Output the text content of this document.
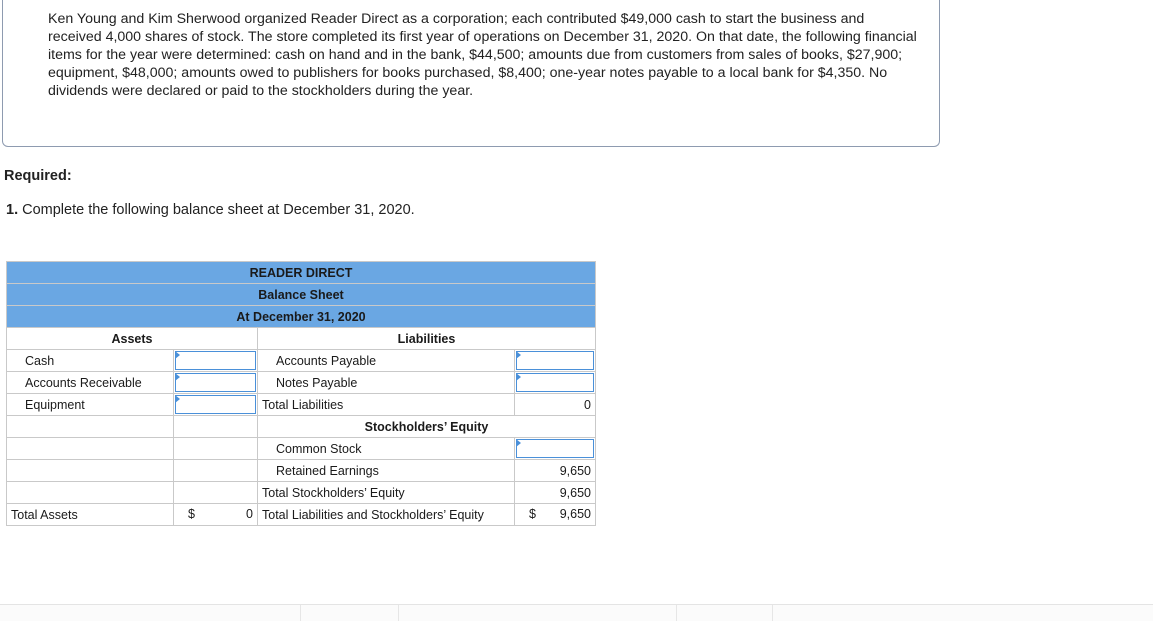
Ken Young and Kim Sherwood organized Reader Direct as a corporation; each contributed $49,000 cash to start the business and received 4,000 shares of stock. The store completed its first year of operations on December 31, 2020. On that date, the following financial items for the year were determined: cash on hand and in the bank, $44,500; amounts due from customers from sales of books, $27,900; equipment, $48,000; amounts owed to publishers for books purchased, $8,400; one-year notes payable to a local bank for $4,350. No dividends were declared or paid to the stockholders during the year.
Required:
1. Complete the following balance sheet at December 31, 2020.
READER DIRECT			
Balance Sheet			
At December 31, 2020			
Assets		Liabilities	
Cash		Accounts Payable	

Accounts Receivable		Notes Payable	

Equipment		Total Liabilities	0
		Stockholders’ Equity	
		Common Stock	

		Retained Earnings	9,650
		Total Stockholders’ Equity	9,650
Total Assets	$ 0	Total Liabilities and Stockholders’ Equity	$ 9,650
